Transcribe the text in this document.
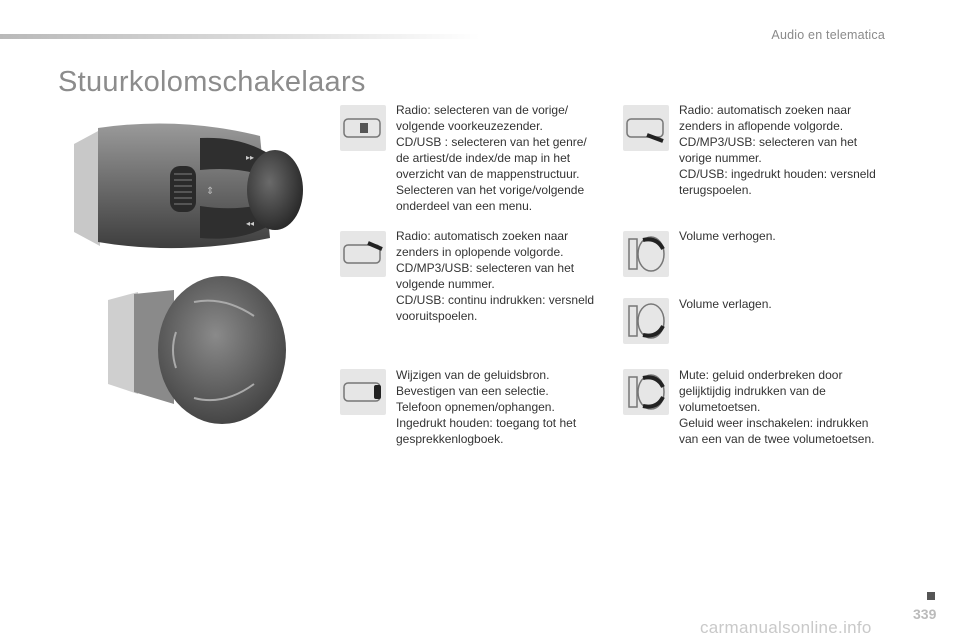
Audio en telematica
Stuurkolomschakelaars
▸▸
◂◂
⇕
Radio: selecteren van de vorige/
volgende voorkeuzezender.
CD/USB : selecteren van het genre/
de artiest/de index/de map in het
overzicht van de mappenstructuur.
Selecteren van het vorige/volgende
onderdeel van een menu.
Radio: automatisch zoeken naar
zenders in aflopende volgorde.
CD/MP3/USB: selecteren van het
vorige nummer.
CD/USB: ingedrukt houden: versneld
terugspoelen.
Radio: automatisch zoeken naar
zenders in oplopende volgorde.
CD/MP3/USB: selecteren van het
volgende nummer.
CD/USB: continu indrukken: versneld
vooruitspoelen.
Volume verhogen.
Volume verlagen.
Wijzigen van de geluidsbron.
Bevestigen van een selectie.
Telefoon opnemen/ophangen.
Ingedrukt houden: toegang tot het
gesprekkenlogboek.
Mute: geluid onderbreken door
gelijktijdig indrukken van de
volumetoetsen.
Geluid weer inschakelen: indrukken
van een van de twee volumetoetsen.
339
carmanualsonline.info
